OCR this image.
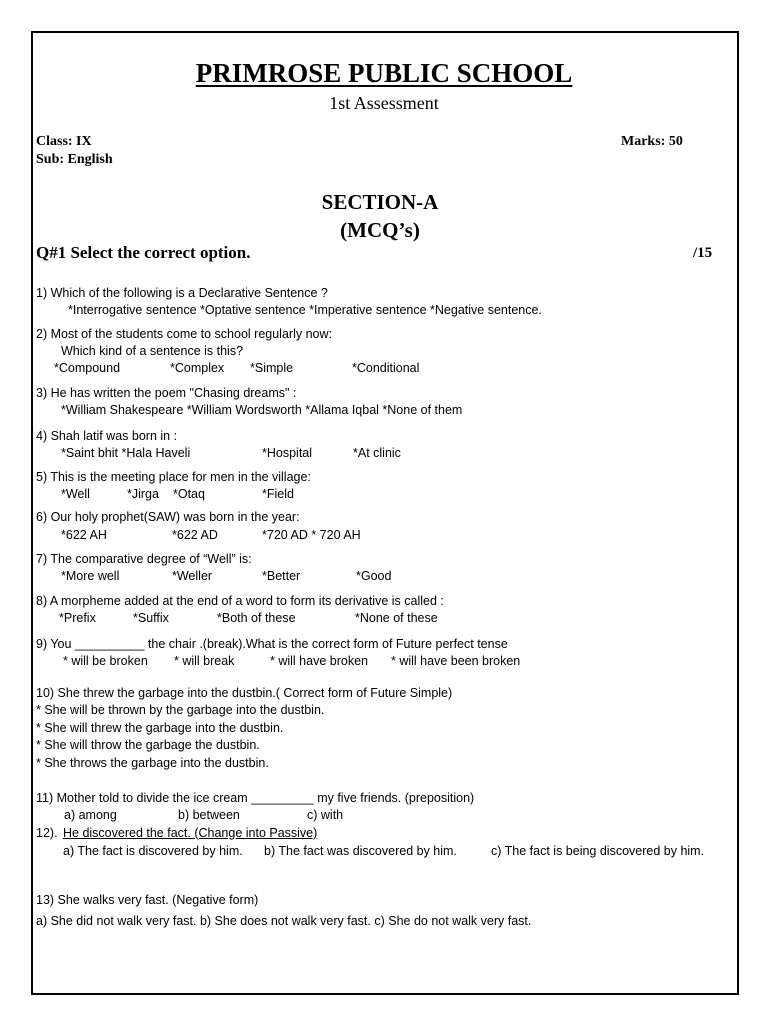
PRIMROSE PUBLIC SCHOOL
1st Assessment
Class: IX
Sub: English
Marks: 50
SECTION-A
(MCQ’s)
Q#1 Select the correct option.	/15
1) Which of the following is a Declarative Sentence ?
*Interrogative sentence *Optative sentence *Imperative sentence *Negative sentence.
2) Most of the students come to school regularly now:
Which kind of a sentence is this?
*Compound	*Complex *Simple	*Conditional
3) He has written the poem "Chasing dreams" :
*William Shakespeare *William Wordsworth *Allama Iqbal *None of them
4) Shah latif was born in :
*Saint bhit *Hala Haveli	*Hospital	*At clinic
5) This is the meeting place for men in the village:
*Well	*Jirga *Otaq	*Field
6) Our holy prophet(SAW) was born in the year:
*622 AH	*622 AD	*720 AD * 720 AH
7) The comparative degree of “Well” is:
*More well	*Weller	*Better	*Good
8) A morpheme added at the end of a word to form its derivative is called :
*Prefix	*Suffix	*Both of these	*None of these
9) You __________ the chair .(break).What is the correct form of Future perfect tense
* will be broken * will break	* will have broken * will have been broken
10) She threw the garbage into the dustbin.( Correct form of Future Simple)
* She will be thrown by the garbage into the dustbin.
* She will threw the garbage into the dustbin.
* She will throw the garbage the dustbin.
* She throws the garbage into the dustbin.
11) Mother told to divide the ice cream _________ my five friends. (preposition)
a) among	b) between	c) with
12). He discovered the fact. (Change into Passive)
a) The fact is discovered by him. b) The fact was discovered by him.	c) The fact is being discovered by him.
13) She walks very fast. (Negative form)
a) She did not walk very fast. b) She does not walk very fast. c) She do not walk very fast.
